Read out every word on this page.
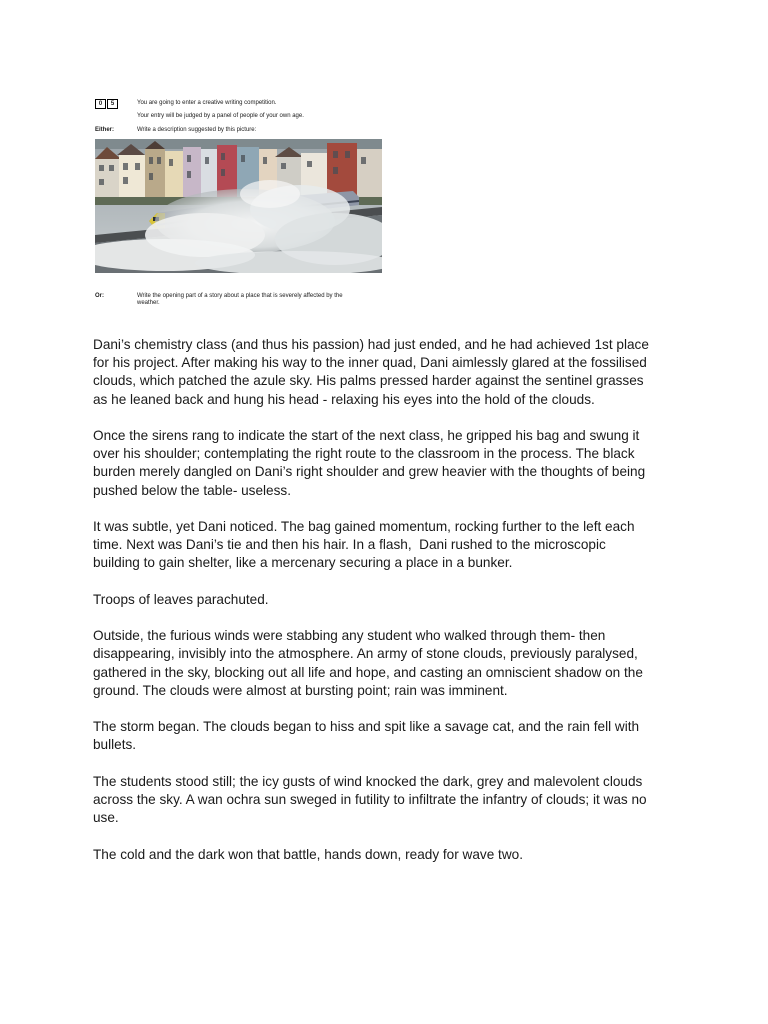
0	5	You are going to enter a creative writing competition.
Your entry will be judged by a panel of people of your own age.
Either:	Write a description suggested by this picture:
Or:	Write the opening part of a story about a place that is severely affected by the
weather.

Dani’s chemistry class (and thus his passion) had just ended, and he had achieved 1st place
for his project. After making his way to the inner quad, Dani aimlessly glared at the fossilised
clouds, which patched the azule sky. His palms pressed harder against the sentinel grasses
as he leaned back and hung his head - relaxing his eyes into the hold of the clouds.

Once the sirens rang to indicate the start of the next class, he gripped his bag and swung it
over his shoulder; contemplating the right route to the classroom in the process. The black
burden merely dangled on Dani’s right shoulder and grew heavier with the thoughts of being
pushed below the table- useless.

It was subtle, yet Dani noticed. The bag gained momentum, rocking further to the left each
time. Next was Dani’s tie and then his hair. In a flash,  Dani rushed to the microscopic
building to gain shelter, like a mercenary securing a place in a bunker.

Troops of leaves parachuted.

Outside, the furious winds were stabbing any student who walked through them- then
disappearing, invisibly into the atmosphere. An army of stone clouds, previously paralysed,
gathered in the sky, blocking out all life and hope, and casting an omniscient shadow on the
ground. The clouds were almost at bursting point; rain was imminent.

The storm began. The clouds began to hiss and spit like a savage cat, and the rain fell with
bullets.

The students stood still; the icy gusts of wind knocked the dark, grey and malevolent clouds
across the sky. A wan ochra sun sweged in futility to infiltrate the infantry of clouds; it was no
use.

The cold and the dark won that battle, hands down, ready for wave two.
